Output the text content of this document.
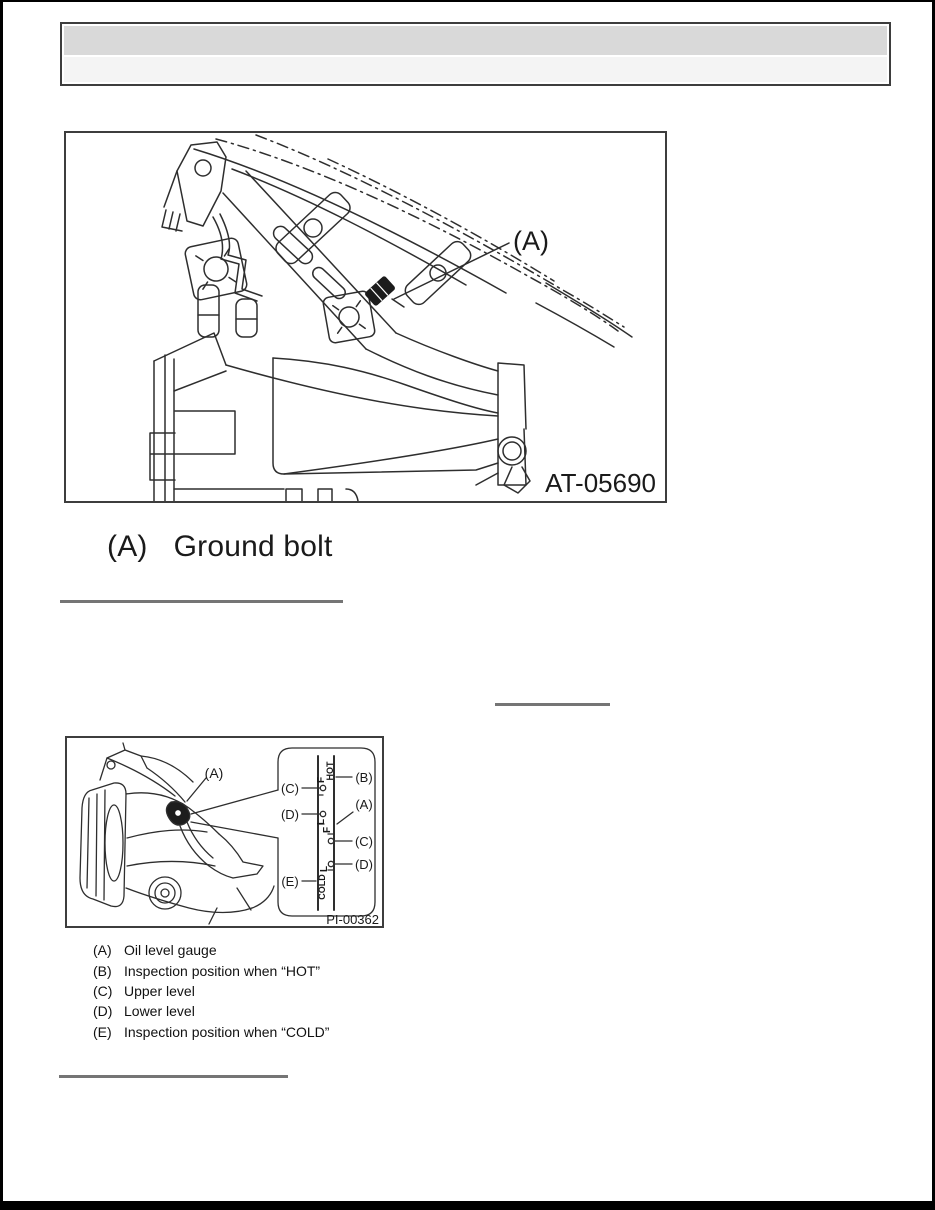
(A)
AT-05690
(A) Ground bolt
F
HOT
L
F
L
COLD
(A)
(C)
(D)
(E)
(B)
(A)
(C)
(D)
PI-00362
(A) Oil level gauge
(B) Inspection position when “HOT”
(C) Upper level
(D) Lower level
(E) Inspection position when “COLD”
